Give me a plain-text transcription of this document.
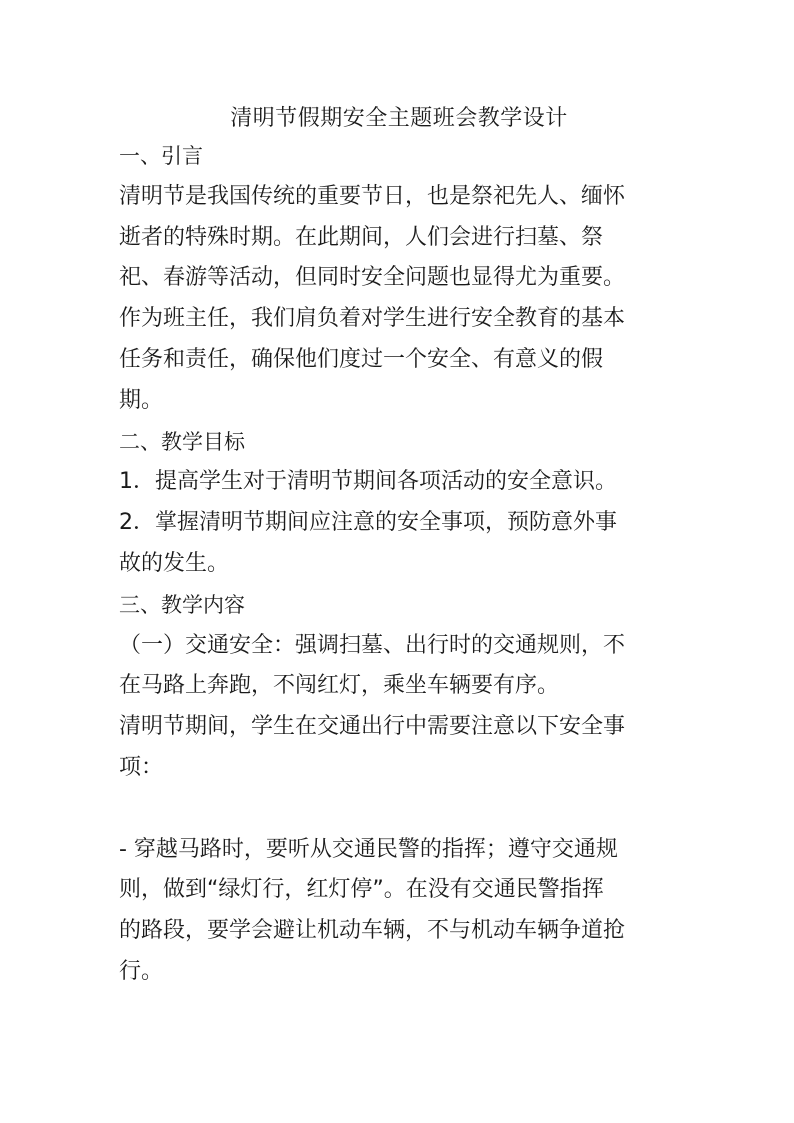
清明节假期安全主题班会教学设计

一、引言

清明节是我国传统的重要节日，也是祭祀先人、缅怀

逝者的特殊时期。在此期间，人们会进行扫墓、祭

祀、春游等活动，但同时安全问题也显得尤为重要。

作为班主任，我们肩负着对学生进行安全教育的基本

任务和责任，确保他们度过一个安全、有意义的假

期。

二、教学目标

1．提高学生对于清明节期间各项活动的安全意识。

2．掌握清明节期间应注意的安全事项，预防意外事

故的发生。

三、教学内容

（一）交通安全：强调扫墓、出行时的交通规则，不

在马路上奔跑，不闯红灯，乘坐车辆要有序。

清明节期间，学生在交通出行中需要注意以下安全事

项：

- 穿越马路时，要听从交通民警的指挥；遵守交通规

则，做到“绿灯行，红灯停”。在没有交通民警指挥

的路段，要学会避让机动车辆，不与机动车辆争道抢

行。
